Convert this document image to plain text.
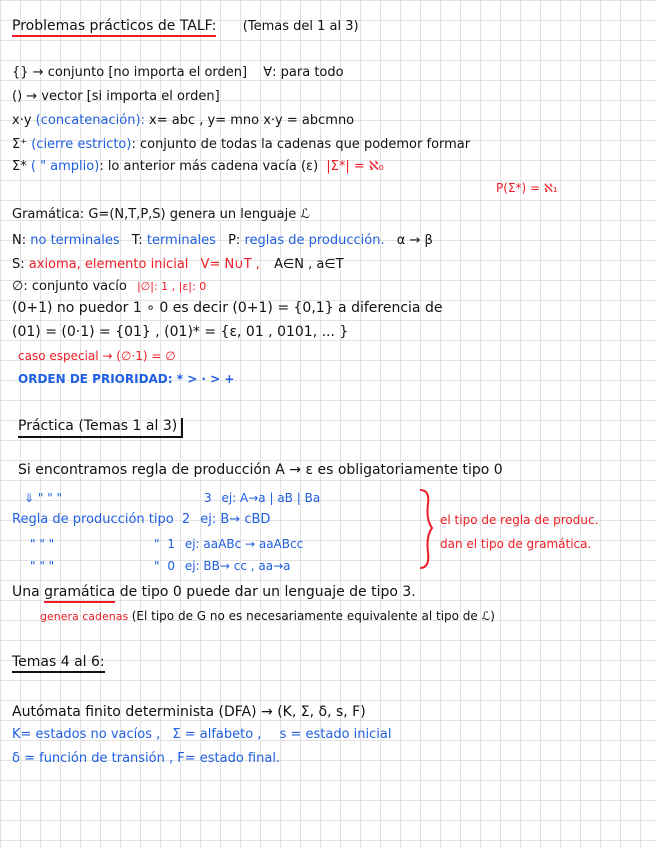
Problemas prácticos de TALF: (Temas del 1 al 3)
{} → conjunto [no importa el orden] ∀: para todo
() → vector [si importa el orden]
x·y (concatenación): x= abc , y= mno x·y = abcmno
Σ⁺ (cierre estricto): conjunto de todas la cadenas que podemor formar
Σ* ( " amplio): lo anterior más cadena vacía (ε) |Σ*| = ℵ₀
P(Σ*) = ℵ₁
Gramática: G=(N,T,P,S) genera un lenguaje ℒ
N: no terminales T: terminales P: reglas de producción. α → β
S: axioma, elemento inicial V= N∪T , A∈N , a∈T
∅: conjunto vacío |∅|: 1 , |ε|: 0
(0+1) no puedor 1 ∘ 0 es decir (0+1) = {0,1} a diferencia de
(01) = (0·1) = {01} , (01)* = {ε, 01 , 0101, ... }
caso especial → (∅·1) = ∅
ORDEN DE PRIORIDAD: * > · > +
Práctica (Temas 1 al 3)
Si encontramos regla de producción A → ε es obligatoriamente tipo 0
⇓ " " "	3 ej: A→a | aB | Ba
Regla de producción tipo 2 ej: B→ cBD
" " "	" 1 ej: aaABc → aaABcc
" " "	" 0 ej: BB→ cc , aa→a
el tipo de regla de produc.
dan el tipo de gramática.
Una gramática de tipo 0 puede dar un lenguaje de tipo 3.
genera cadenas (El tipo de G no es necesariamente equivalente al tipo de ℒ)
Temas 4 al 6:
Autómata finito determinista (DFA) → (K, Σ, δ, s, F)
K= estados no vacíos , Σ = alfabeto , s = estado inicial
δ = función de transión , F= estado final.
